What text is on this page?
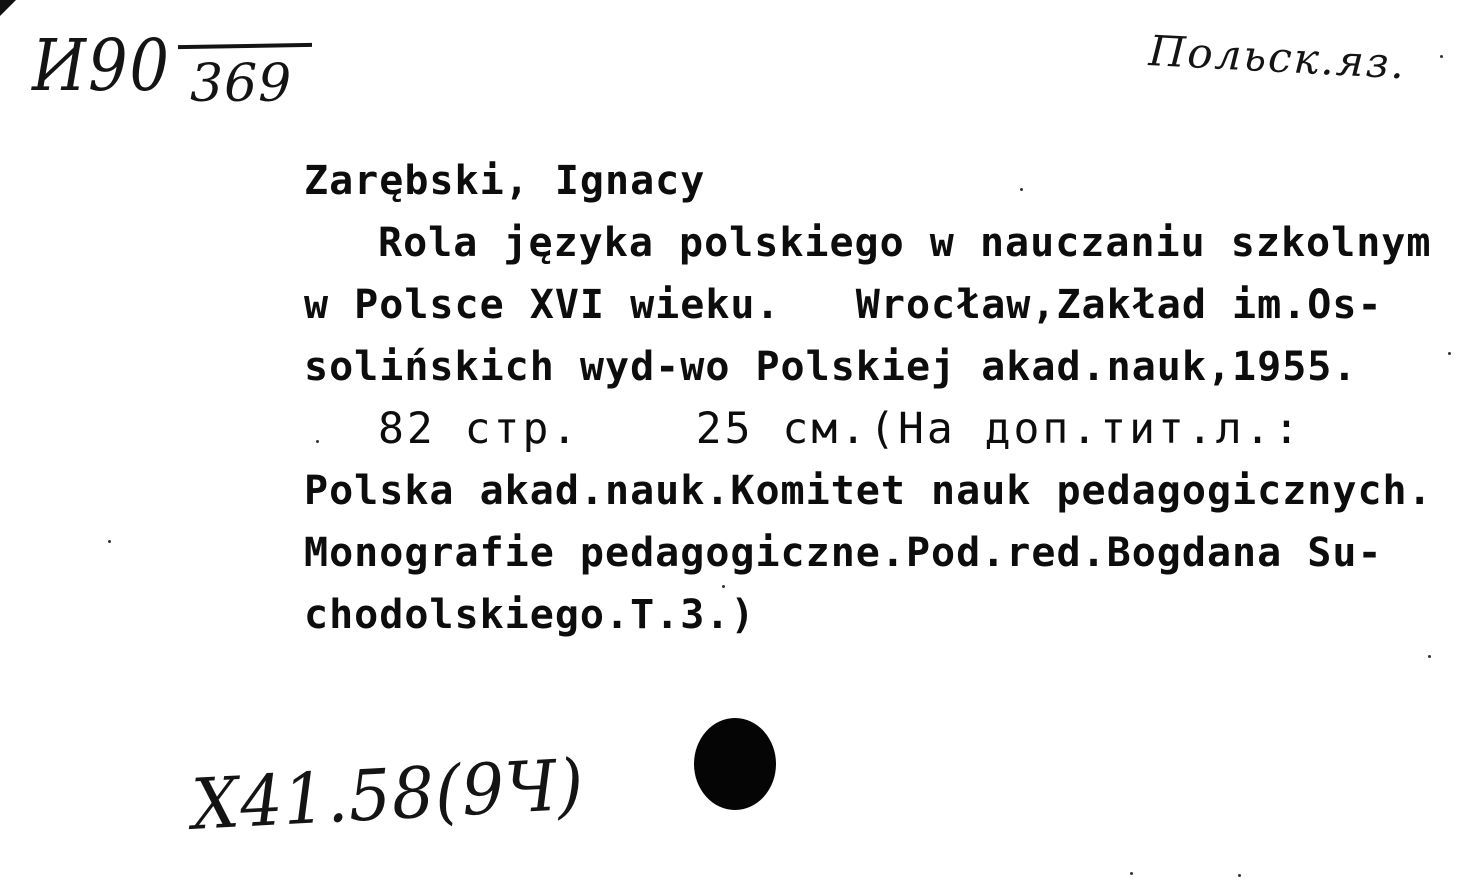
И90 369	Польск.яз.
Zarębski, Ignacy
Rola języka polskiego w nauczaniu szkolnym
w Polsce XVI wieku.   Wrocław,Zakład im.Os-
solińskich wyd-wo Polskiej akad.nauk,1955.
82 стр.    25 см.(На доп.тит.л.:
Polska akad.nauk.Komitet nauk pedagogicznych.
Monografie pedagogiczne.Pod.red.Bogdana Su-
chodolskiego.T.3.)
Х41.58(9Ч)
